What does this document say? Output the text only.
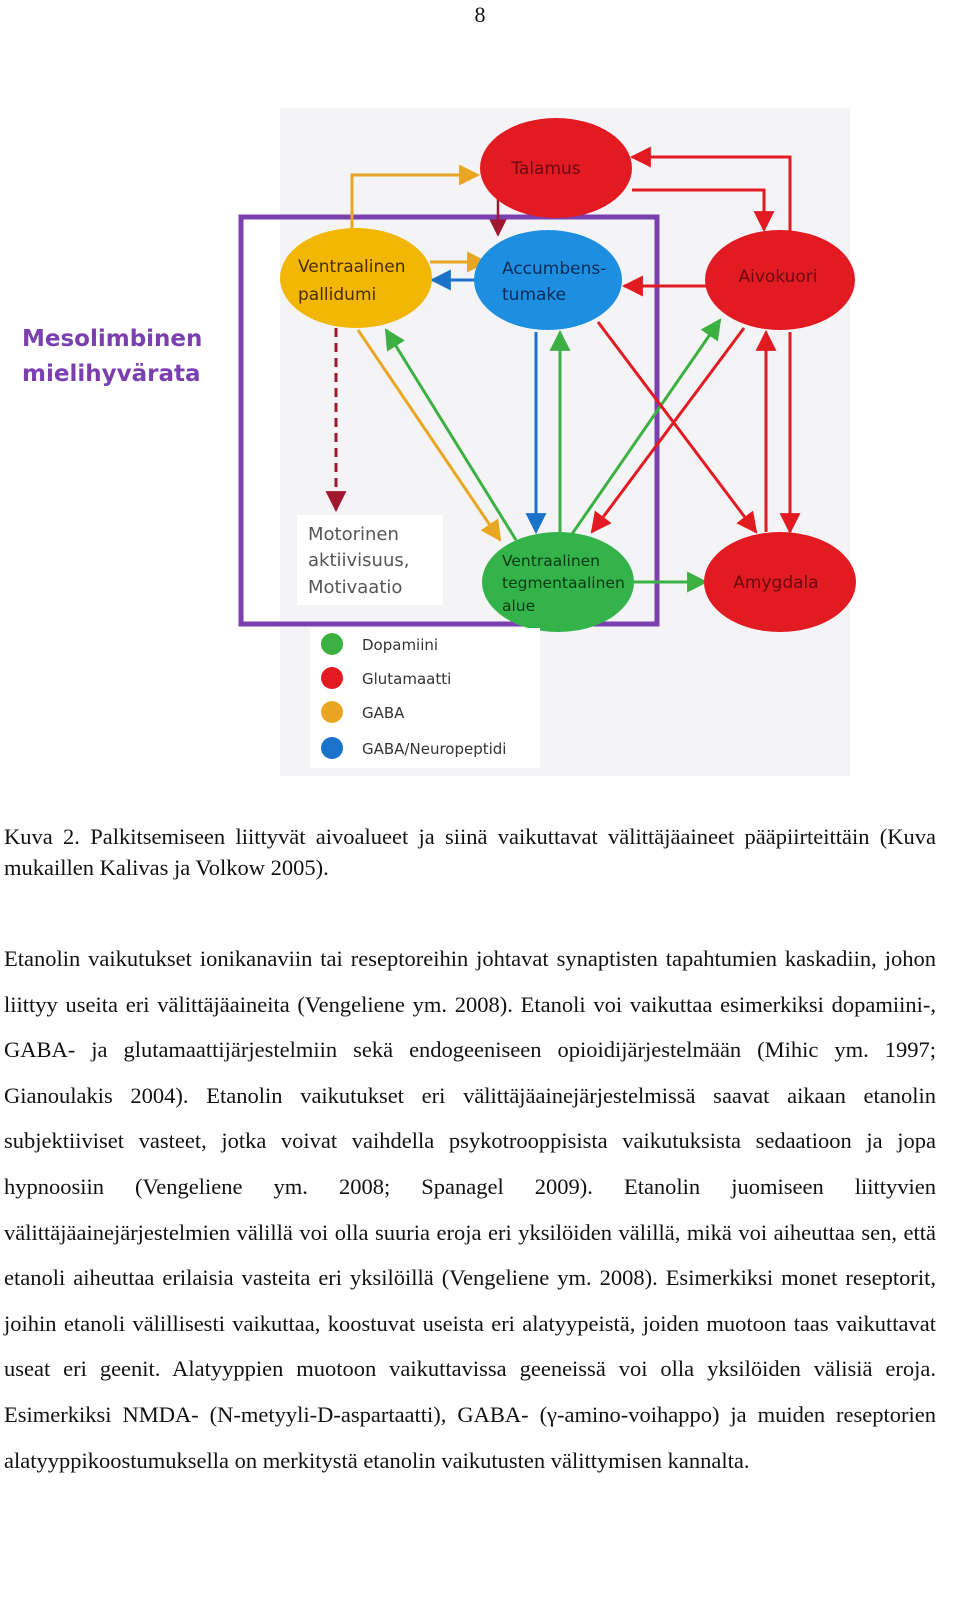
8
Mesolimbinen mielihyvärata
Motorinen aktiivisuus, Motivaatio
Talamus
Ventraalinen pallidumi
Accumbens- tumake
Aivokuori
Ventraalinen tegmentaalinen alue
Amygdala
Dopamiini
Glutamaatti
GABA
GABA/Neuropeptidi

Kuva 2. Palkitsemiseen liittyvät aivoalueet ja siinä vaikuttavat välittäjäaineet pääpiirteittäin (Kuva mukaillen Kalivas ja Volkow 2005).

Etanolin vaikutukset ionikanaviin tai reseptoreihin johtavat synaptisten tapahtumien kaskadiin, johon liittyy useita eri välittäjäaineita (Vengeliene ym. 2008). Etanoli voi vaikuttaa esimerkiksi dopamiini-, GABA- ja glutamaattijärjestelmiin sekä endogeeniseen opioidijärjestelmään (Mihic ym. 1997; Gianoulakis 2004). Etanolin vaikutukset eri välittäjäainejärjestelmissä saavat aikaan etanolin subjektiiviset vasteet, jotka voivat vaihdella psykotrooppisista vaikutuksista sedaatioon ja jopa hypnoosiin (Vengeliene ym. 2008; Spanagel 2009). Etanolin juomiseen liittyvien välittäjäainejärjestelmien välillä voi olla suuria eroja eri yksilöiden välillä, mikä voi aiheuttaa sen, että etanoli aiheuttaa erilaisia vasteita eri yksilöillä (Vengeliene ym. 2008). Esimerkiksi monet reseptorit, joihin etanoli välillisesti vaikuttaa, koostuvat useista eri alatyypeistä, joiden muotoon taas vaikuttavat useat eri geenit. Alatyyppien muotoon vaikuttavissa geeneissä voi olla yksilöiden välisiä eroja. Esimerkiksi NMDA- (N-metyyli-D-aspartaatti), GABA- (γ-amino-voihappo) ja muiden reseptorien alatyyppikoostumuksella on merkitystä etanolin vaikutusten välittymisen kannalta.
